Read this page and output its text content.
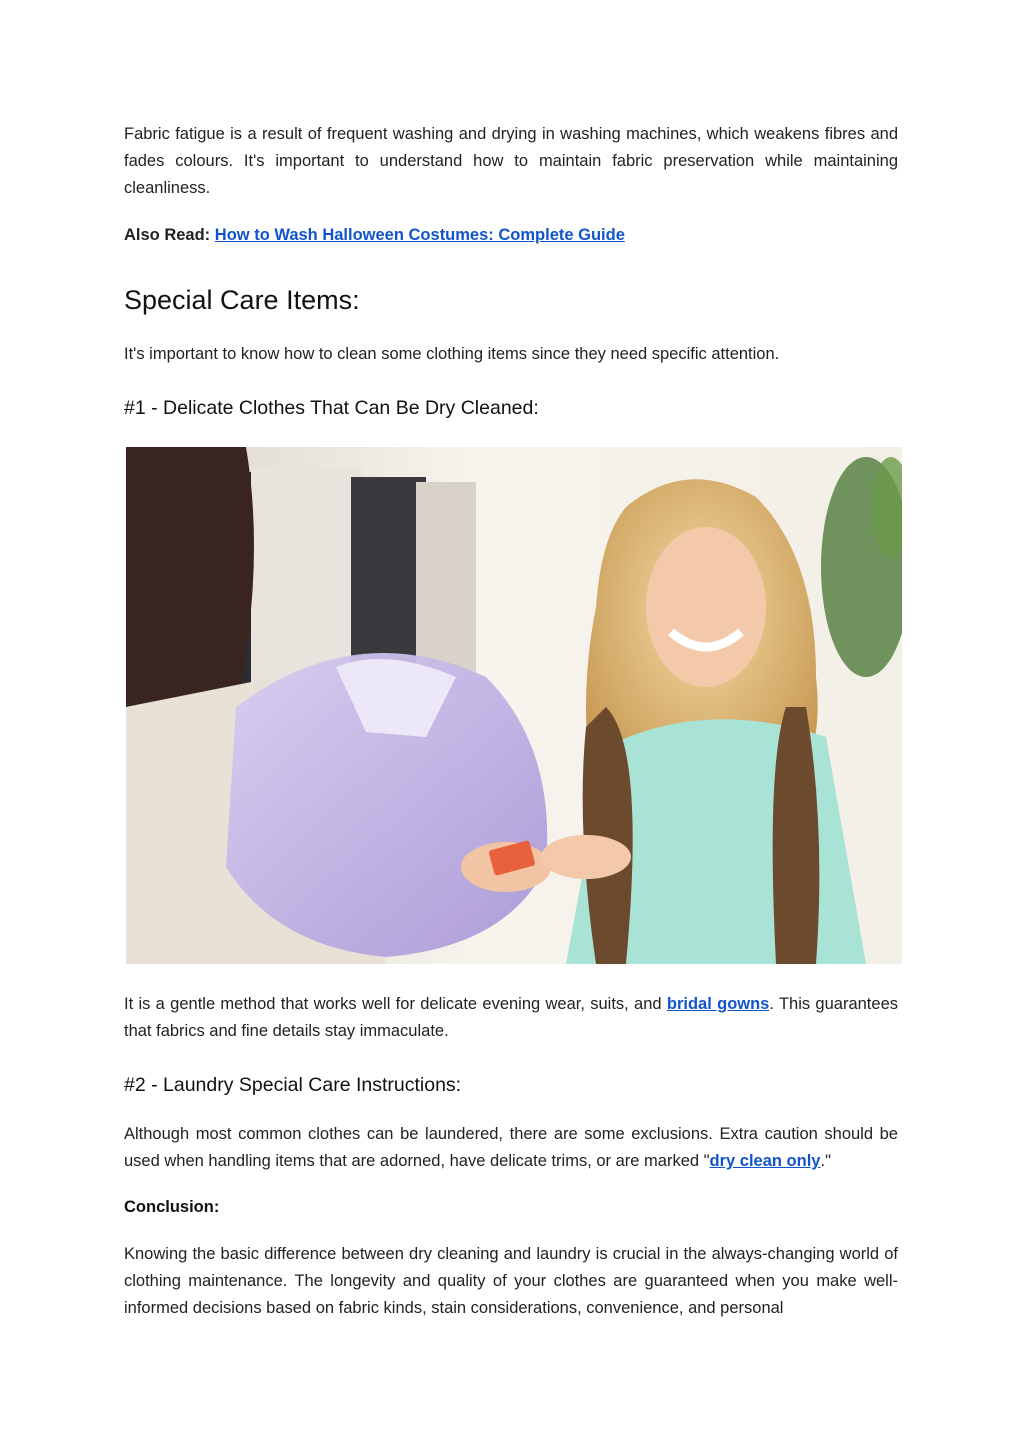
Fabric fatigue is a result of frequent washing and drying in washing machines, which weakens fibres and fades colours. It's important to understand how to maintain fabric preservation while maintaining cleanliness.

Also Read: How to Wash Halloween Costumes: Complete Guide

Special Care Items:

It's important to know how to clean some clothing items since they need specific attention.

#1 - Delicate Clothes That Can Be Dry Cleaned:

It is a gentle method that works well for delicate evening wear, suits, and bridal gowns. This guarantees that fabrics and fine details stay immaculate.

#2 - Laundry Special Care Instructions:

Although most common clothes can be laundered, there are some exclusions. Extra caution should be used when handling items that are adorned, have delicate trims, or are marked "dry clean only."

Conclusion:

Knowing the basic difference between dry cleaning and laundry is crucial in the always-changing world of clothing maintenance. The longevity and quality of your clothes are guaranteed when you make well-informed decisions based on fabric kinds, stain considerations, convenience, and personal
